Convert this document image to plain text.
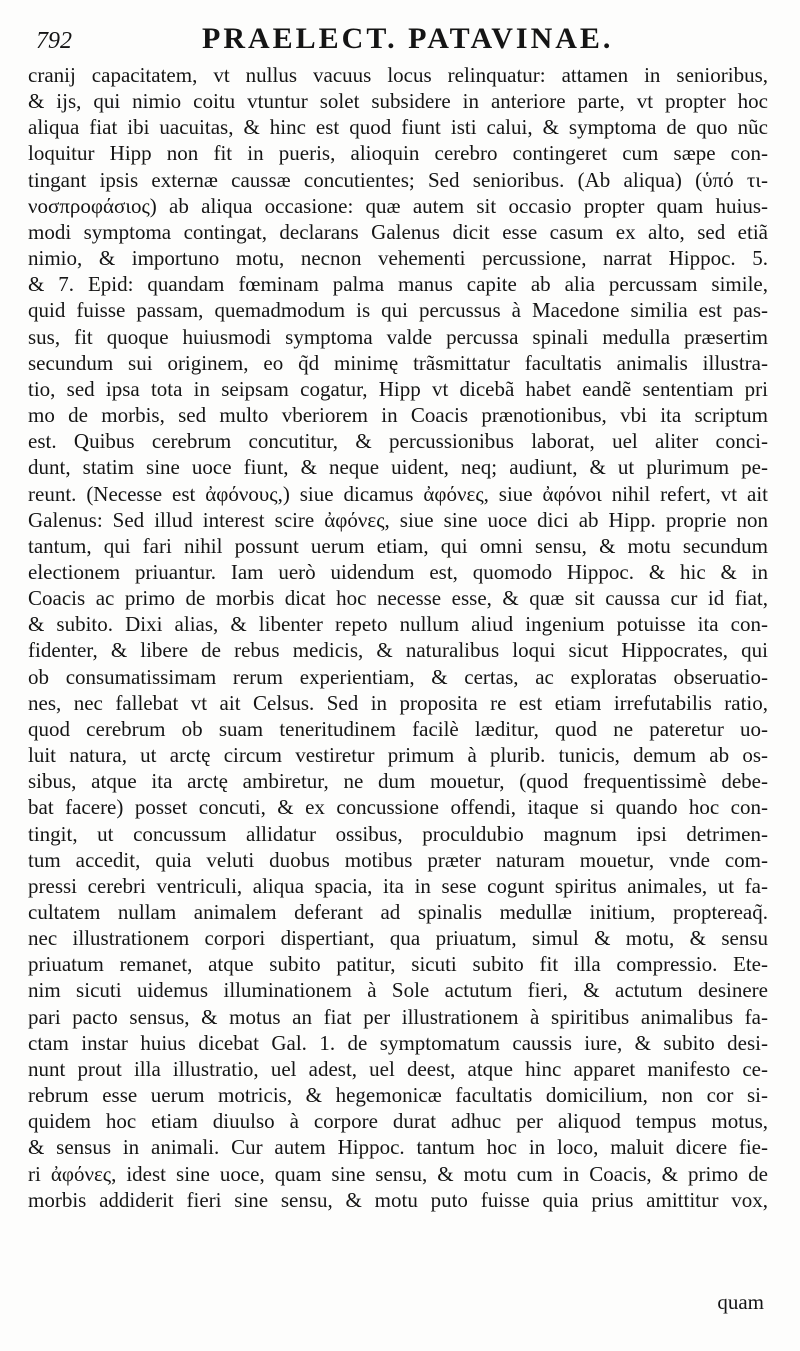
792	PRAELECT. PATAVINAE.
cranij capacitatem, vt nullus vacuus locus relinquatur: attamen in senioribus,
& ijs, qui nimio coitu vtuntur solet subsidere in anteriore parte, vt propter hoc
aliqua fiat ibi uacuitas, & hinc est quod fiunt isti calui, & symptoma de quo nũc
loquitur Hipp non fit in pueris, alioquin cerebro contingeret cum sæpe con-
tingant ipsis externæ caussæ concutientes; Sed senioribus. (Ab aliqua) (ὑπό τι-
νοσπροφάσιος) ab aliqua occasione: quæ autem sit occasio propter quam huius-
modi symptoma contingat, declarans Galenus dicit esse casum ex alto, sed etiã
nimio, & importuno motu, necnon vehementi percussione, narrat Hippoc. 5.
& 7. Epid: quandam fœminam palma manus capite ab alia percussam simile,
quid fuisse passam, quemadmodum is qui percussus à Macedone similia est pas-
sus, fit quoque huiusmodi symptoma valde percussa spinali medulla præsertim
secundum sui originem, eo q̃d minimę trãsmittatur facultatis animalis illustra-
tio, sed ipsa tota in seipsam cogatur, Hipp vt dicebã habet eandẽ sententiam pri
mo de morbis, sed multo vberiorem in Coacis prænotionibus, vbi ita scriptum
est. Quibus cerebrum concutitur, & percussionibus laborat, uel aliter conci-
dunt, statim sine uoce fiunt, & neque uident, neq; audiunt, & ut plurimum pe-
reunt. (Necesse est ἀφόνους,) siue dicamus ἀφόνες, siue ἀφόνοι nihil refert, vt ait
Galenus: Sed illud interest scire ἀφόνες, siue sine uoce dici ab Hipp. proprie non
tantum, qui fari nihil possunt uerum etiam, qui omni sensu, & motu secundum
electionem priuantur. Iam uerò uidendum est, quomodo Hippoc. & hic & in
Coacis ac primo de morbis dicat hoc necesse esse, & quæ sit caussa cur id fiat,
& subito. Dixi alias, & libenter repeto nullum aliud ingenium potuisse ita con-
fidenter, & libere de rebus medicis, & naturalibus loqui sicut Hippocrates, qui
ob consumatissimam rerum experientiam, & certas, ac exploratas obseruatio-
nes, nec fallebat vt ait Celsus. Sed in proposita re est etiam irrefutabilis ratio,
quod cerebrum ob suam teneritudinem facilè læditur, quod ne pateretur uo-
luit natura, ut arctę circum vestiretur primum à plurib. tunicis, demum ab os-
sibus, atque ita arctę ambiretur, ne dum mouetur, (quod frequentissimè debe-
bat facere) posset concuti, & ex concussione offendi, itaque si quando hoc con-
tingit, ut concussum allidatur ossibus, proculdubio magnum ipsi detrimen-
tum accedit, quia veluti duobus motibus præter naturam mouetur, vnde com-
pressi cerebri ventriculi, aliqua spacia, ita in sese cogunt spiritus animales, ut fa-
cultatem nullam animalem deferant ad spinalis medullæ initium, proptereaq̃.
nec illustrationem corpori dispertiant, qua priuatum, simul & motu, & sensu
priuatum remanet, atque subito patitur, sicuti subito fit illa compressio. Ete-
nim sicuti uidemus illuminationem à Sole actutum fieri, & actutum desinere
pari pacto sensus, & motus an fiat per illustrationem à spiritibus animalibus fa-
ctam instar huius dicebat Gal. 1. de symptomatum caussis iure, & subito desi-
nunt prout illa illustratio, uel adest, uel deest, atque hinc apparet manifesto ce-
rebrum esse uerum motricis, & hegemonicæ facultatis domicilium, non cor si-
quidem hoc etiam diuulso à corpore durat adhuc per aliquod tempus motus,
& sensus in animali. Cur autem Hippoc. tantum hoc in loco, maluit dicere fie-
ri ἀφόνες, idest sine uoce, quam sine sensu, & motu cum in Coacis, & primo de
morbis addiderit fieri sine sensu, & motu puto fuisse quia prius amittitur vox,
quam
